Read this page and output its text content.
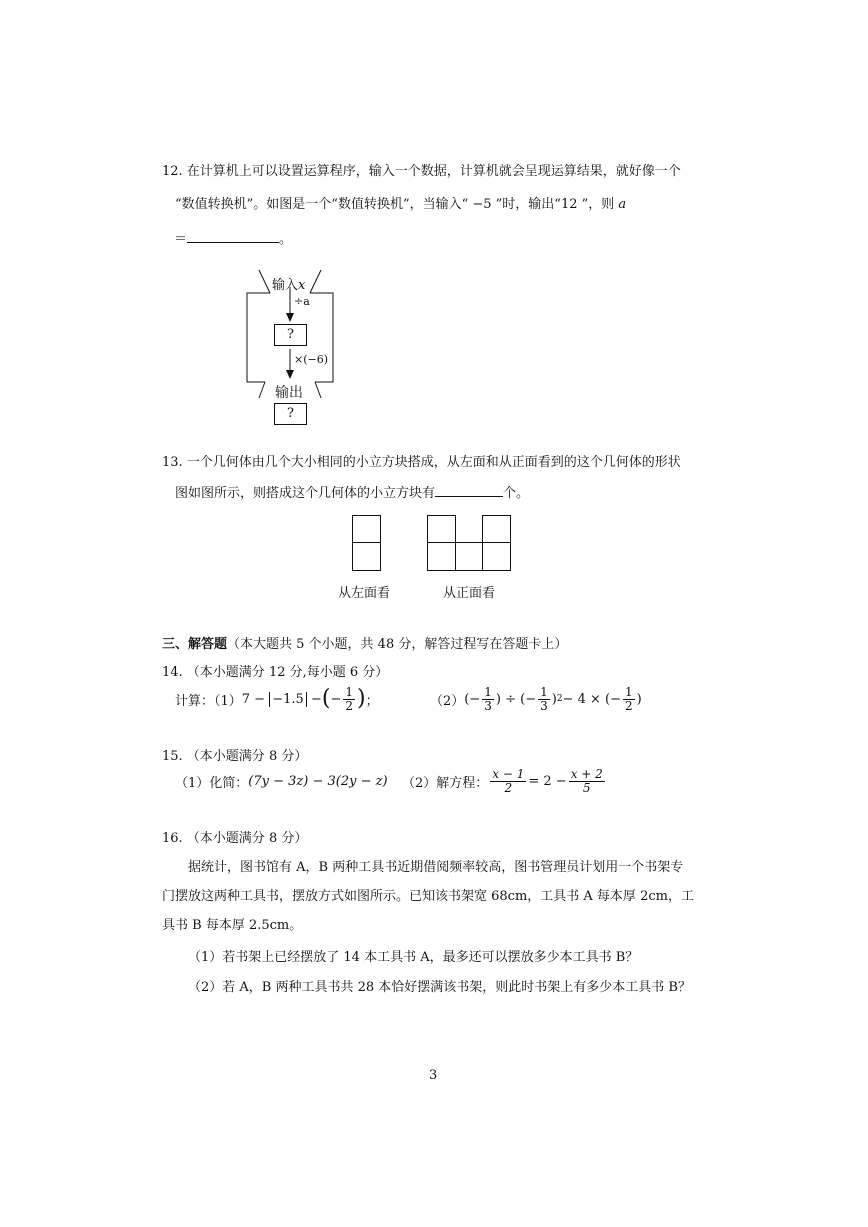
12. 在计算机上可以设置运算程序，输入一个数据，计算机就会呈现运算结果，就好像一个
“数值转换机”。如图是一个“数值转换机”，当输入“ −5 ”时，输出“12 ”，则 a
＝	。
输入x
÷a
?
×(−6)
输出
?
13. 一个几何体由几个大小相同的小立方块搭成，从左面和从正面看到的这个几何体的形状
图如图所示，则搭成这个几何体的小立方块有	个。
从左面看	从正面看
三、解答题（本大题共 5 个小题，共 48 分，解答过程写在答题卡上）
14. （本小题满分 12 分,每小题 6 分）
计算：（1） 7 −
−1.5
− ( − $\frac{1}{2}$ ) ；	（2） (− $\frac{1}{3}$ ) ÷ (− $\frac{1}{3}$ ) 2 − 4 × (− $\frac{1}{2}$ )
15. （本小题满分 8 分）
（1）化简： (7y − 3z) − 3(2y − z) （2）解方程： $\frac{x - 1}{2} = 2 - \frac{x + 2}{5}$
16. （本小题满分 8 分）
据统计，图书馆有 A，B 两种工具书近期借阅频率较高，图书管理员计划用一个书架专
门摆放这两种工具书，摆放方式如图所示。已知该书架宽 68cm，工具书 A 每本厚 2cm，工
具书 B 每本厚 2.5cm。
（1）若书架上已经摆放了 14 本工具书 A，最多还可以摆放多少本工具书 B？
（2）若 A，B 两种工具书共 28 本恰好摆满该书架，则此时书架上有多少本工具书 B？
3
